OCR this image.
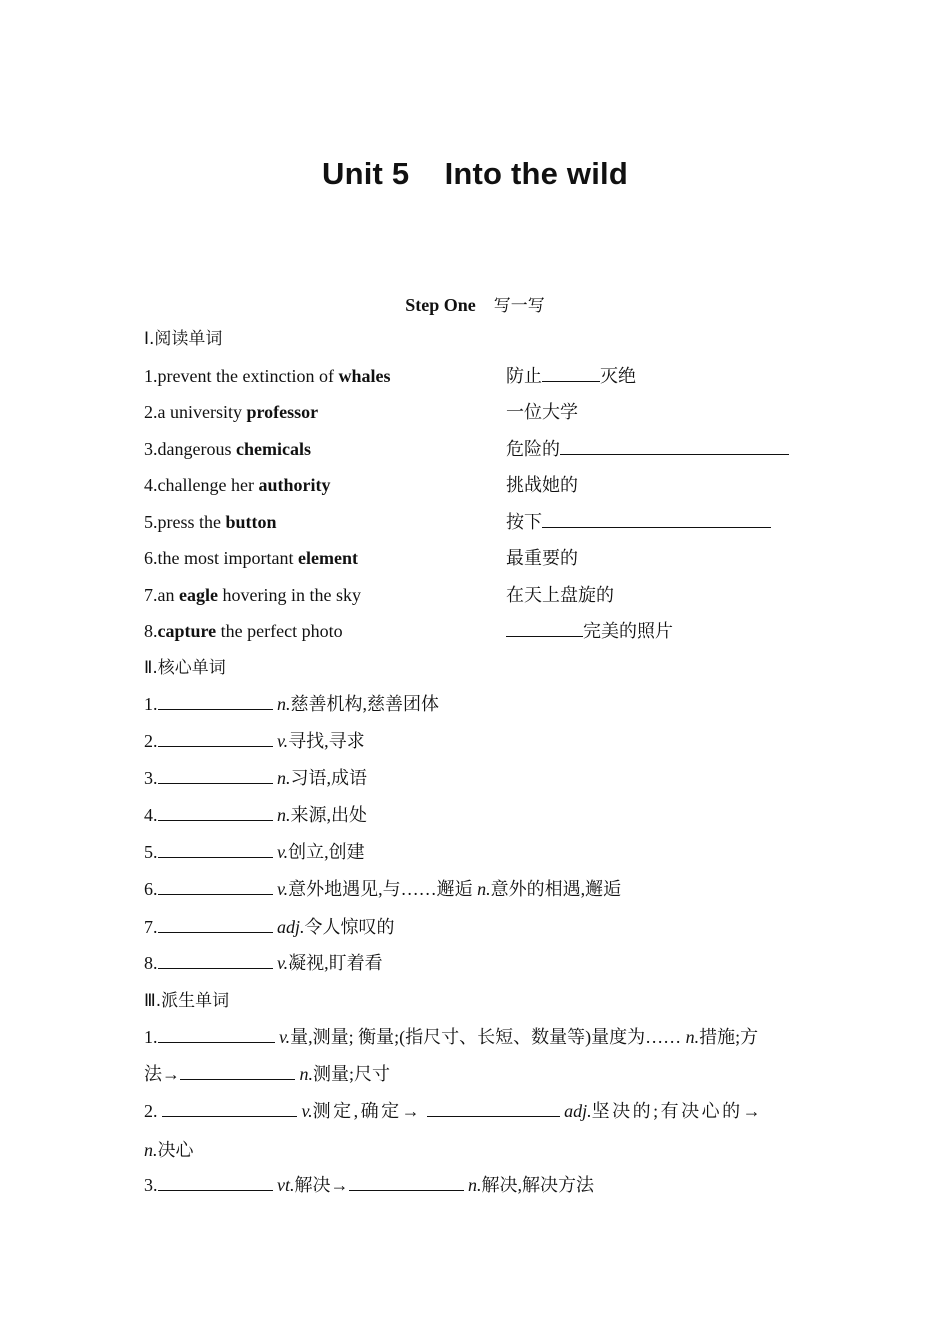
Unit 5    Into the wild
Step One 写一写
Ⅰ.阅读单词
1.prevent the extinction of whales	防止	灭绝
2.a university professor	一位大学
3.dangerous chemicals	危险的
4.challenge her authority	挑战她的
5.press the button	按下
6.the most important element	最重要的
7.an eagle hovering in the sky	在天上盘旋的
8.capture the perfect photo	完美的照片
Ⅱ.核心单词
1.	n.慈善机构,慈善团体
2.	v.寻找,寻求
3.	n.习语,成语
4.	n.来源,出处
5.	v.创立,创建
6.	v.意外地遇见,与……邂逅 n.意外的相遇,邂逅
7.	adj.令人惊叹的
8.	v.凝视,盯着看
Ⅲ.派生单词
1.	v.量,测量; 衡量;(指尺寸、长短、数量等)量度为…… n.措施;方
法→	n.测量;尺寸
2.	v.测定,确定→	adj.坚决的;有决心的→
n.决心
3.	vt.解决→	n.解决,解决方法
